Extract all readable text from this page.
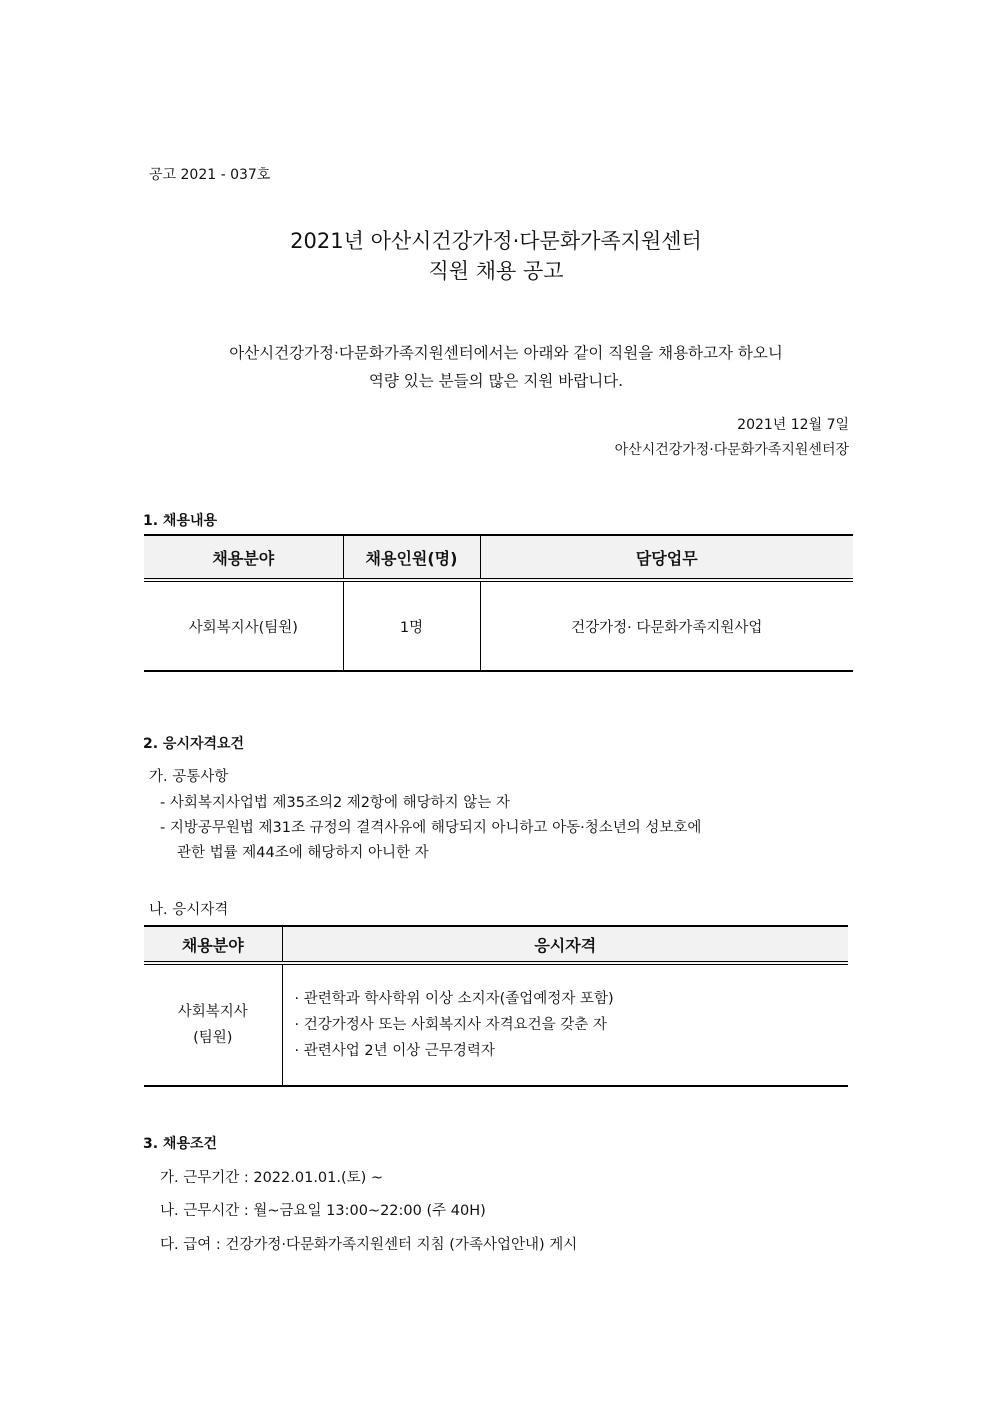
공고 2021 - 037호
2021년 아산시건강가정·다문화가족지원센터
직원 채용 공고
아산시건강가정·다문화가족지원센터에서는 아래와 같이 직원을 채용하고자 하오니
역량 있는 분들의 많은 지원 바랍니다.
2021년 12월 7일
아산시건강가정·다문화가족지원센터장
1. 채용내용
채용분야	채용인원(명)	담당업무
사회복지사(팀원)	1명	건강가정· 다문화가족지원사업
2. 응시자격요건
가. 공통사항
- 사회복지사업법 제35조의2 제2항에 해당하지 않는 자
- 지방공무원법 제31조 규정의 결격사유에 해당되지 아니하고 아동·청소년의 성보호에
관한 법률 제44조에 해당하지 아니한 자
나. 응시자격
채용분야	응시자격

사회복지사
(팀원)	· 관련학과 학사학위 이상 소지자(졸업예정자 포함)
· 건강가정사 또는 사회복지사 자격요건을 갖춘 자
· 관련사업 2년 이상 근무경력자
3. 채용조건
가. 근무기간 : 2022.01.01.(토) ~
나. 근무시간 : 월~금요일 13:00~22:00 (주 40H)
다. 급여 : 건강가정·다문화가족지원센터 지침 (가족사업안내) 게시
